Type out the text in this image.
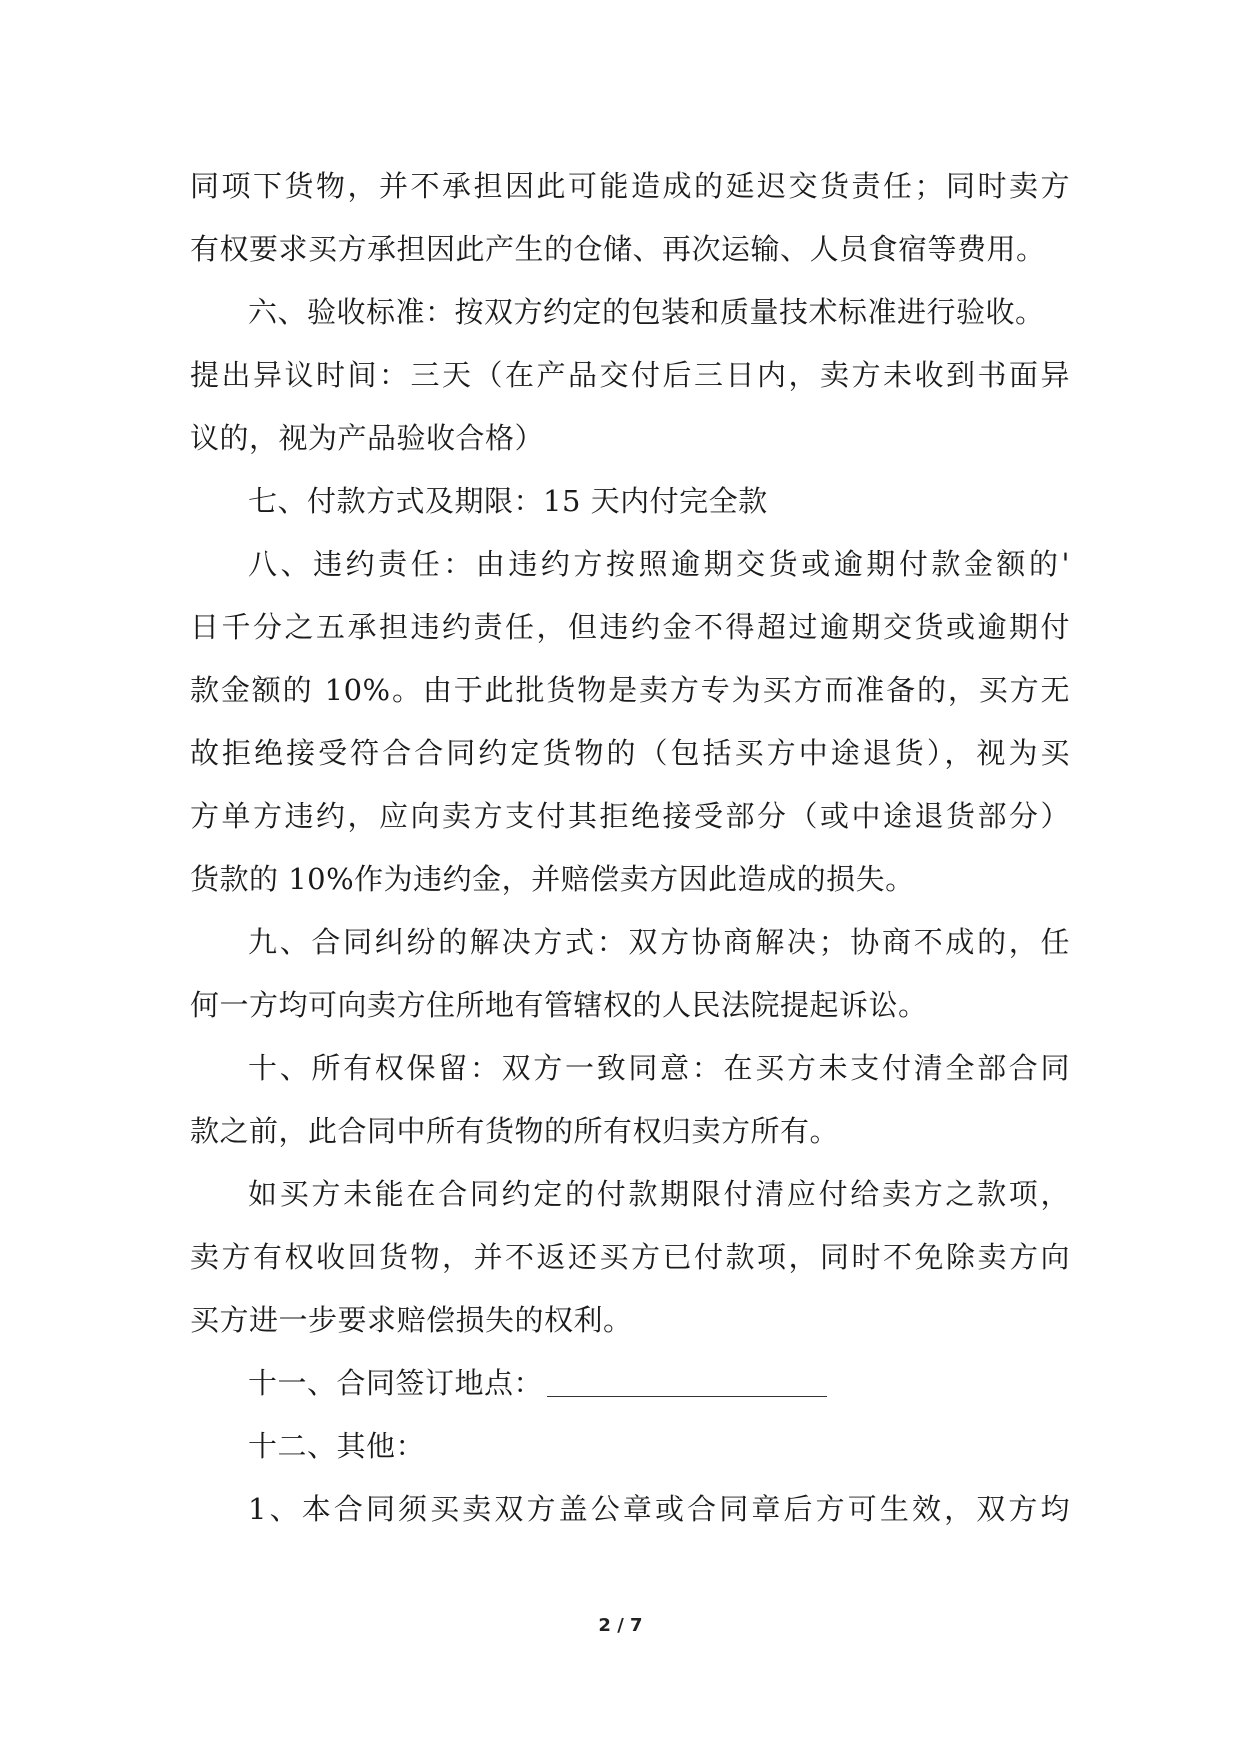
同项下货物，并不承担因此可能造成的延迟交货责任；同时卖方
有权要求买方承担因此产生的仓储、再次运输、人员食宿等费用。
六、验收标准：按双方约定的包装和质量技术标准进行验收。
提出异议时间：三天（在产品交付后三日内，卖方未收到书面异
议的，视为产品验收合格）
七、付款方式及期限：15 天内付完全款
八、违约责任：由违约方按照逾期交货或逾期付款金额的'
日千分之五承担违约责任，但违约金不得超过逾期交货或逾期付
款金额的 10%。由于此批货物是卖方专为买方而准备的，买方无
故拒绝接受符合合同约定货物的（包括买方中途退货），视为买
方单方违约，应向卖方支付其拒绝接受部分（或中途退货部分）
货款的 10%作为违约金，并赔偿卖方因此造成的损失。
九、合同纠纷的解决方式：双方协商解决；协商不成的，任
何一方均可向卖方住所地有管辖权的人民法院提起诉讼。
十、所有权保留：双方一致同意：在买方未支付清全部合同
款之前，此合同中所有货物的所有权归卖方所有。
如买方未能在合同约定的付款期限付清应付给卖方之款项，
卖方有权收回货物，并不返还买方已付款项，同时不免除卖方向
买方进一步要求赔偿损失的权利。
十一、合同签订地点：
十二、其他：
1、本合同须买卖双方盖公章或合同章后方可生效，双方均
2 / 7
